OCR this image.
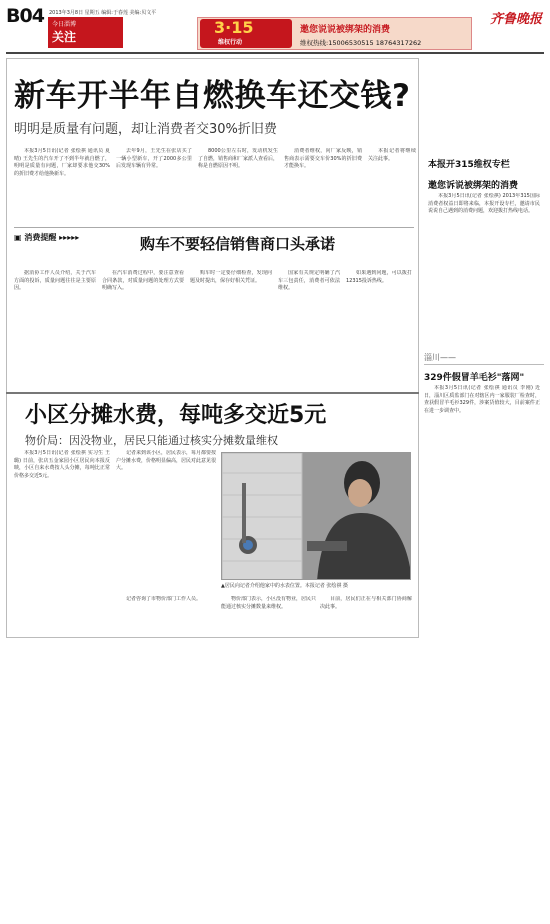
B04 2013年3月8日 星期五 编辑:于春莲 美编:贝文平
今日淄博
关注
齐鲁晚报
3·15
维权行动
邀您说说被绑架的消费
维权热线:15006530515 18764317262
新车开半年自燃换车还交钱?
明明是质量有问题，却让消费者交30%折旧费
本报3月5日讯(记者 张绘祺 通讯员 夏晴) 王先生的汽车开了不到半年就自燃了，明明是质量有问题，厂家却要求他交30%的折旧费才给他换新车。
去年9月，王先生在张店买了一辆小型新车，开了2000多公里后发现车辆有异常。
8000公里左右时，发动机发生了自燃，销售商和厂家派人查看后，称是自燃原因不明。
消费者维权，向厂家反映，销售商表示需要交车价30%的折旧费才能换车。
本报记者将继续关注此事。
▣ 消费提醒 ▸▸▸▸▸	购车不要轻信销售商口头承诺
据消协工作人员介绍，关于汽车方面的投诉，质量问题往往是主要原因。
在汽车消费过程中，要注意查看合同条款，对质量问题的处理方式要明确写入。
购车时一定要仔细检查，发现问题及时提出，保存好相关凭证。
国家有关规定明确了汽车三包责任，消费者可依法维权。
如果遇到问题，可以拨打12315投诉热线。
小区分摊水费，每吨多交近5元
物价局：因没物业，居民只能通过核实分摊数量维权
本报3月5日讯(记者 张绘祺 实习生 王璐) 日前，张店五金家园小区居民向本报反映，小区自来水费按人头分摊，每吨比正常价格多交近5元。
记者来到该小区，居民表示，每月都要按户分摊水费，价格明显偏高，居民对此意见很大。
记者咨询了市物价部门工作人员。
▲居民向记者介绍他家中的水表位置。本报记者 张绘祺 摄
物价部门表示，小区没有物业，居民只能通过核实分摊数量来维权。
目前，居民们正在与相关部门协商解决此事。
本报开315维权专栏
邀您诉说被绑架的消费
本报3月5日讯(记者 张绘祺) 2013年315国际消费者权益日即将来临，本报开设专栏，邀请市民说说自己遇到的消费问题，欢迎拨打热线电话。
淄川——
329件假冒羊毛衫"落网"
本报3月5日讯(记者 张绘祺 通讯员 李刚) 近日，淄川区质监部门在对辖区内一家服装厂检查时，查获假冒羊毛衫329件，涉案货值较大，目前案件正在进一步调查中。
